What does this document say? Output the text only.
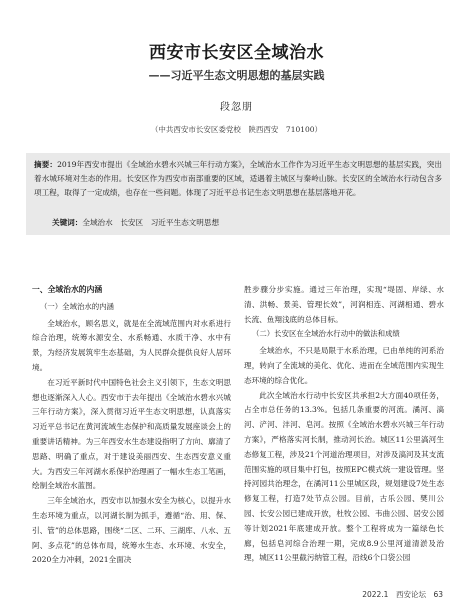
西安市长安区全域治水
——习近平生态文明思想的基层实践
段忽朋
（中共西安市长安区委党校　陕西西安　710100）
摘要：2019年西安市提出《全域治水碧水兴城三年行动方案》，全域治水工作作为习近平生态文明思想的基层实践，突出着水城环境对生态的作用。长安区作为西安市南部重要的区域，适遇着主城区与秦岭山脉。长安区的全域治水行动包含多项工程，取得了一定成绩，也存在一些问题。体现了习近平总书记生态文明思想在基层落地开花。
关键词：全域治水　长安区　习近平生态文明思想

一、全域治水的内涵

（一）全域治水的内涵

全域治水，顾名思义，就是在全流域范围内对水系进行综合治理，统筹水源安全、水系畅通、水质干净、水中有景，为经济发展筑牢生态基础，为人民群众提供良好人居环境。

在习近平新时代中国特色社会主义引领下，生态文明思想也逐渐深入人心。西安市于去年提出《全域治水碧水兴城三年行动方案》，深入贯彻习近平生态文明思想，认真落实习近平总书记在黄河流域生态保护和高质量发展座谈会上的重要讲话精神。为三年西安水生态建设指明了方向、廓清了思路、明确了重点，对于建设美丽西安、生态西安意义重大。为西安三年河湖水系保护治理画了一幅水生态工笔画，绘制全域治水蓝图。

三年全域治水，西安市以加强水安全为核心，以提升水生态环境为重点，以河湖长制为抓手，遵循“治、用、保、引、管”的总体思路，围绕“二区、二环、三湖库、八水、五阿、多点花”的总体布局，统筹水生态、水环境、水安全，2020全力冲刺，2021全面决

胜步骤分步实施。通过三年治理，实现“堤固、岸绿、水清、洪畅、景美、管理长效”，河润相连、河湖相通、碧水长流、鱼翔浅底的总体目标。

（二）长安区在全域治水行动中的做法和成绩

全域治水，不只是局限于水系治理，已由单纯的河系治理，转向了全流域的美化、优化、进而在全域范围内实现生态环境的综合优化。

此次全域治水行动中长安区共承担2大方面40项任务，占全市总任务的13.3%。包括几条重要的河流。潏河、滈河、浐河、沣河、皂河。按照《全域治水碧水兴城三年行动方案》，严格落实河长制，推动河长治。城区11公里滈河生态修复工程，涉及21个河道治理项目，对涉及滈河及其支流范围实施的项目集中打包，按照EPC模式统一建设管理。坚持河园共治理念，在潏河11公里城区段，规划建设7处生态修复工程，打造7处节点公园。目前，古乐公园、樊川公园、长安公园已建成开放，杜牧公园、韦曲公园、居安公园等计划2021年底建成开放。整个工程将成为一篇绿色长廊，包括皂河综合治理一期，完成8.9公里河道清淤及治理，城区11公里截污纳管工程，沿线6个口袋公园

2022.1　西安论坛　63
